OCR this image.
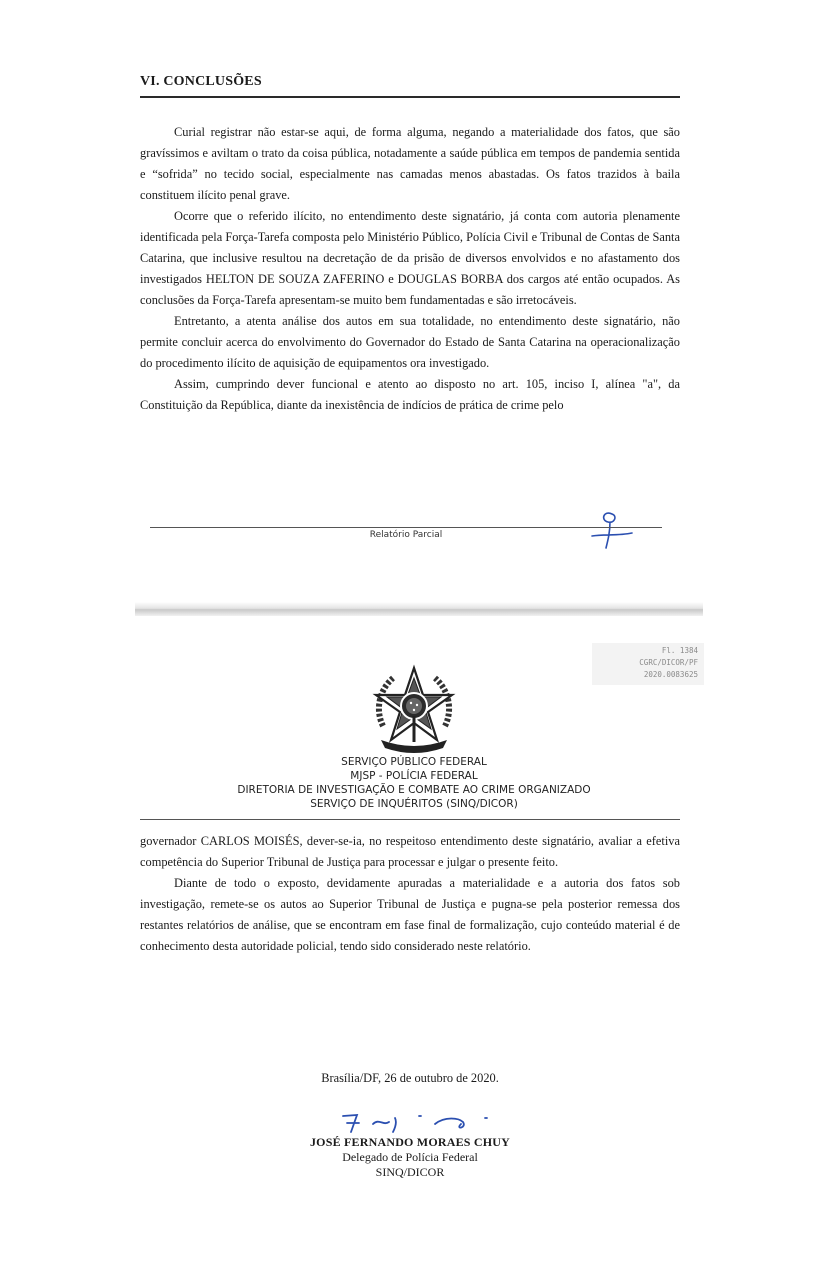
VI. CONCLUSÕES

Curial registrar não estar-se aqui, de forma alguma, negando a materialidade dos fatos, que são gravíssimos e aviltam o trato da coisa pública, notadamente a saúde pública em tempos de pandemia sentida e “sofrida” no tecido social, especialmente nas camadas menos abastadas. Os fatos trazidos à baila constituem ilícito penal grave.

Ocorre que o referido ilícito, no entendimento deste signatário, já conta com autoria plenamente identificada pela Força-Tarefa composta pelo Ministério Público, Polícia Civil e Tribunal de Contas de Santa Catarina, que inclusive resultou na decretação de da prisão de diversos envolvidos e no afastamento dos investigados HELTON DE SOUZA ZAFERINO e DOUGLAS BORBA dos cargos até então ocupados. As conclusões da Força-Tarefa apresentam-se muito bem fundamentadas e são irretocáveis.

Entretanto, a atenta análise dos autos em sua totalidade, no entendimento deste signatário, não permite concluir acerca do envolvimento do Governador do Estado de Santa Catarina na operacionalização do procedimento ilícito de aquisição de equipamentos ora investigado.

Assim, cumprindo dever funcional e atento ao disposto no art. 105, inciso I, alínea "a", da Constituição da República, diante da inexistência de indícios de prática de crime pelo

Relatório Parcial
Fl. 1384
CGRC/DICOR/PF
2020.0083625
SERVIÇO PÚBLICO FEDERAL
MJSP - POLÍCIA FEDERAL
DIRETORIA DE INVESTIGAÇÃO E COMBATE AO CRIME ORGANIZADO
SERVIÇO DE INQUÉRITOS (SINQ/DICOR)

governador CARLOS MOISÉS, dever-se-ia, no respeitoso entendimento deste signatário, avaliar a efetiva competência do Superior Tribunal de Justiça para processar e julgar o presente feito.

Diante de todo o exposto, devidamente apuradas a materialidade e a autoria dos fatos sob investigação, remete-se os autos ao Superior Tribunal de Justiça e pugna-se pela posterior remessa dos restantes relatórios de análise, que se encontram em fase final de formalização, cujo conteúdo material é de conhecimento desta autoridade policial, tendo sido considerado neste relatório.

Brasília/DF, 26 de outubro de 2020.
JOSÉ FERNANDO MORAES CHUY
Delegado de Polícia Federal
SINQ/DICOR
